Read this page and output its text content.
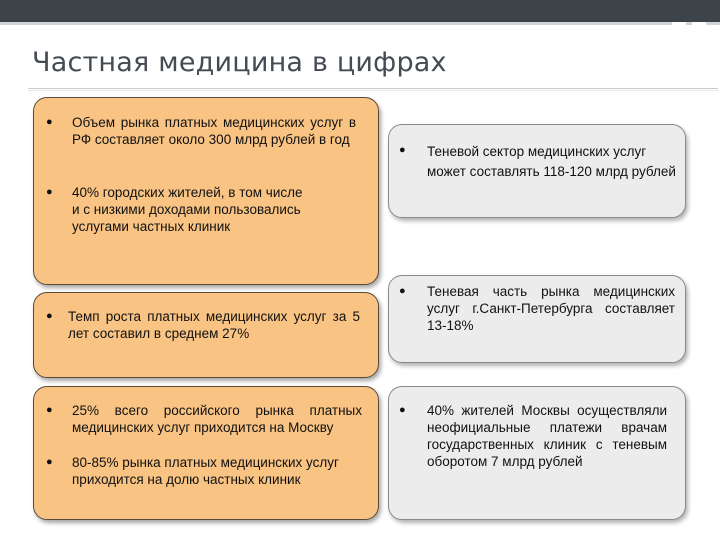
Частная медицина в цифрах
● Объем рынка платных медицинских услуг в РФ составляет около 300 млрд рублей в год
● 40% городских жителей, в том числе и с низкими доходами пользовались услугами частных клиник
● Темп роста платных медицинских услуг за 5 лет составил в среднем 27%
● 25% всего российского рынка платных медицинских услуг приходится на Москву
● 80-85% рынка платных медицинских услуг приходится на долю частных клиник
● Теневой сектор медицинских услуг может составлять 118-120 млрд рублей
● Теневая часть рынка медицинских услуг г.Санкт-Петербурга составляет 13-18%
● 40% жителей Москвы осуществляли неофициальные платежи врачам государственных клиник с теневым оборотом 7 млрд рублей
